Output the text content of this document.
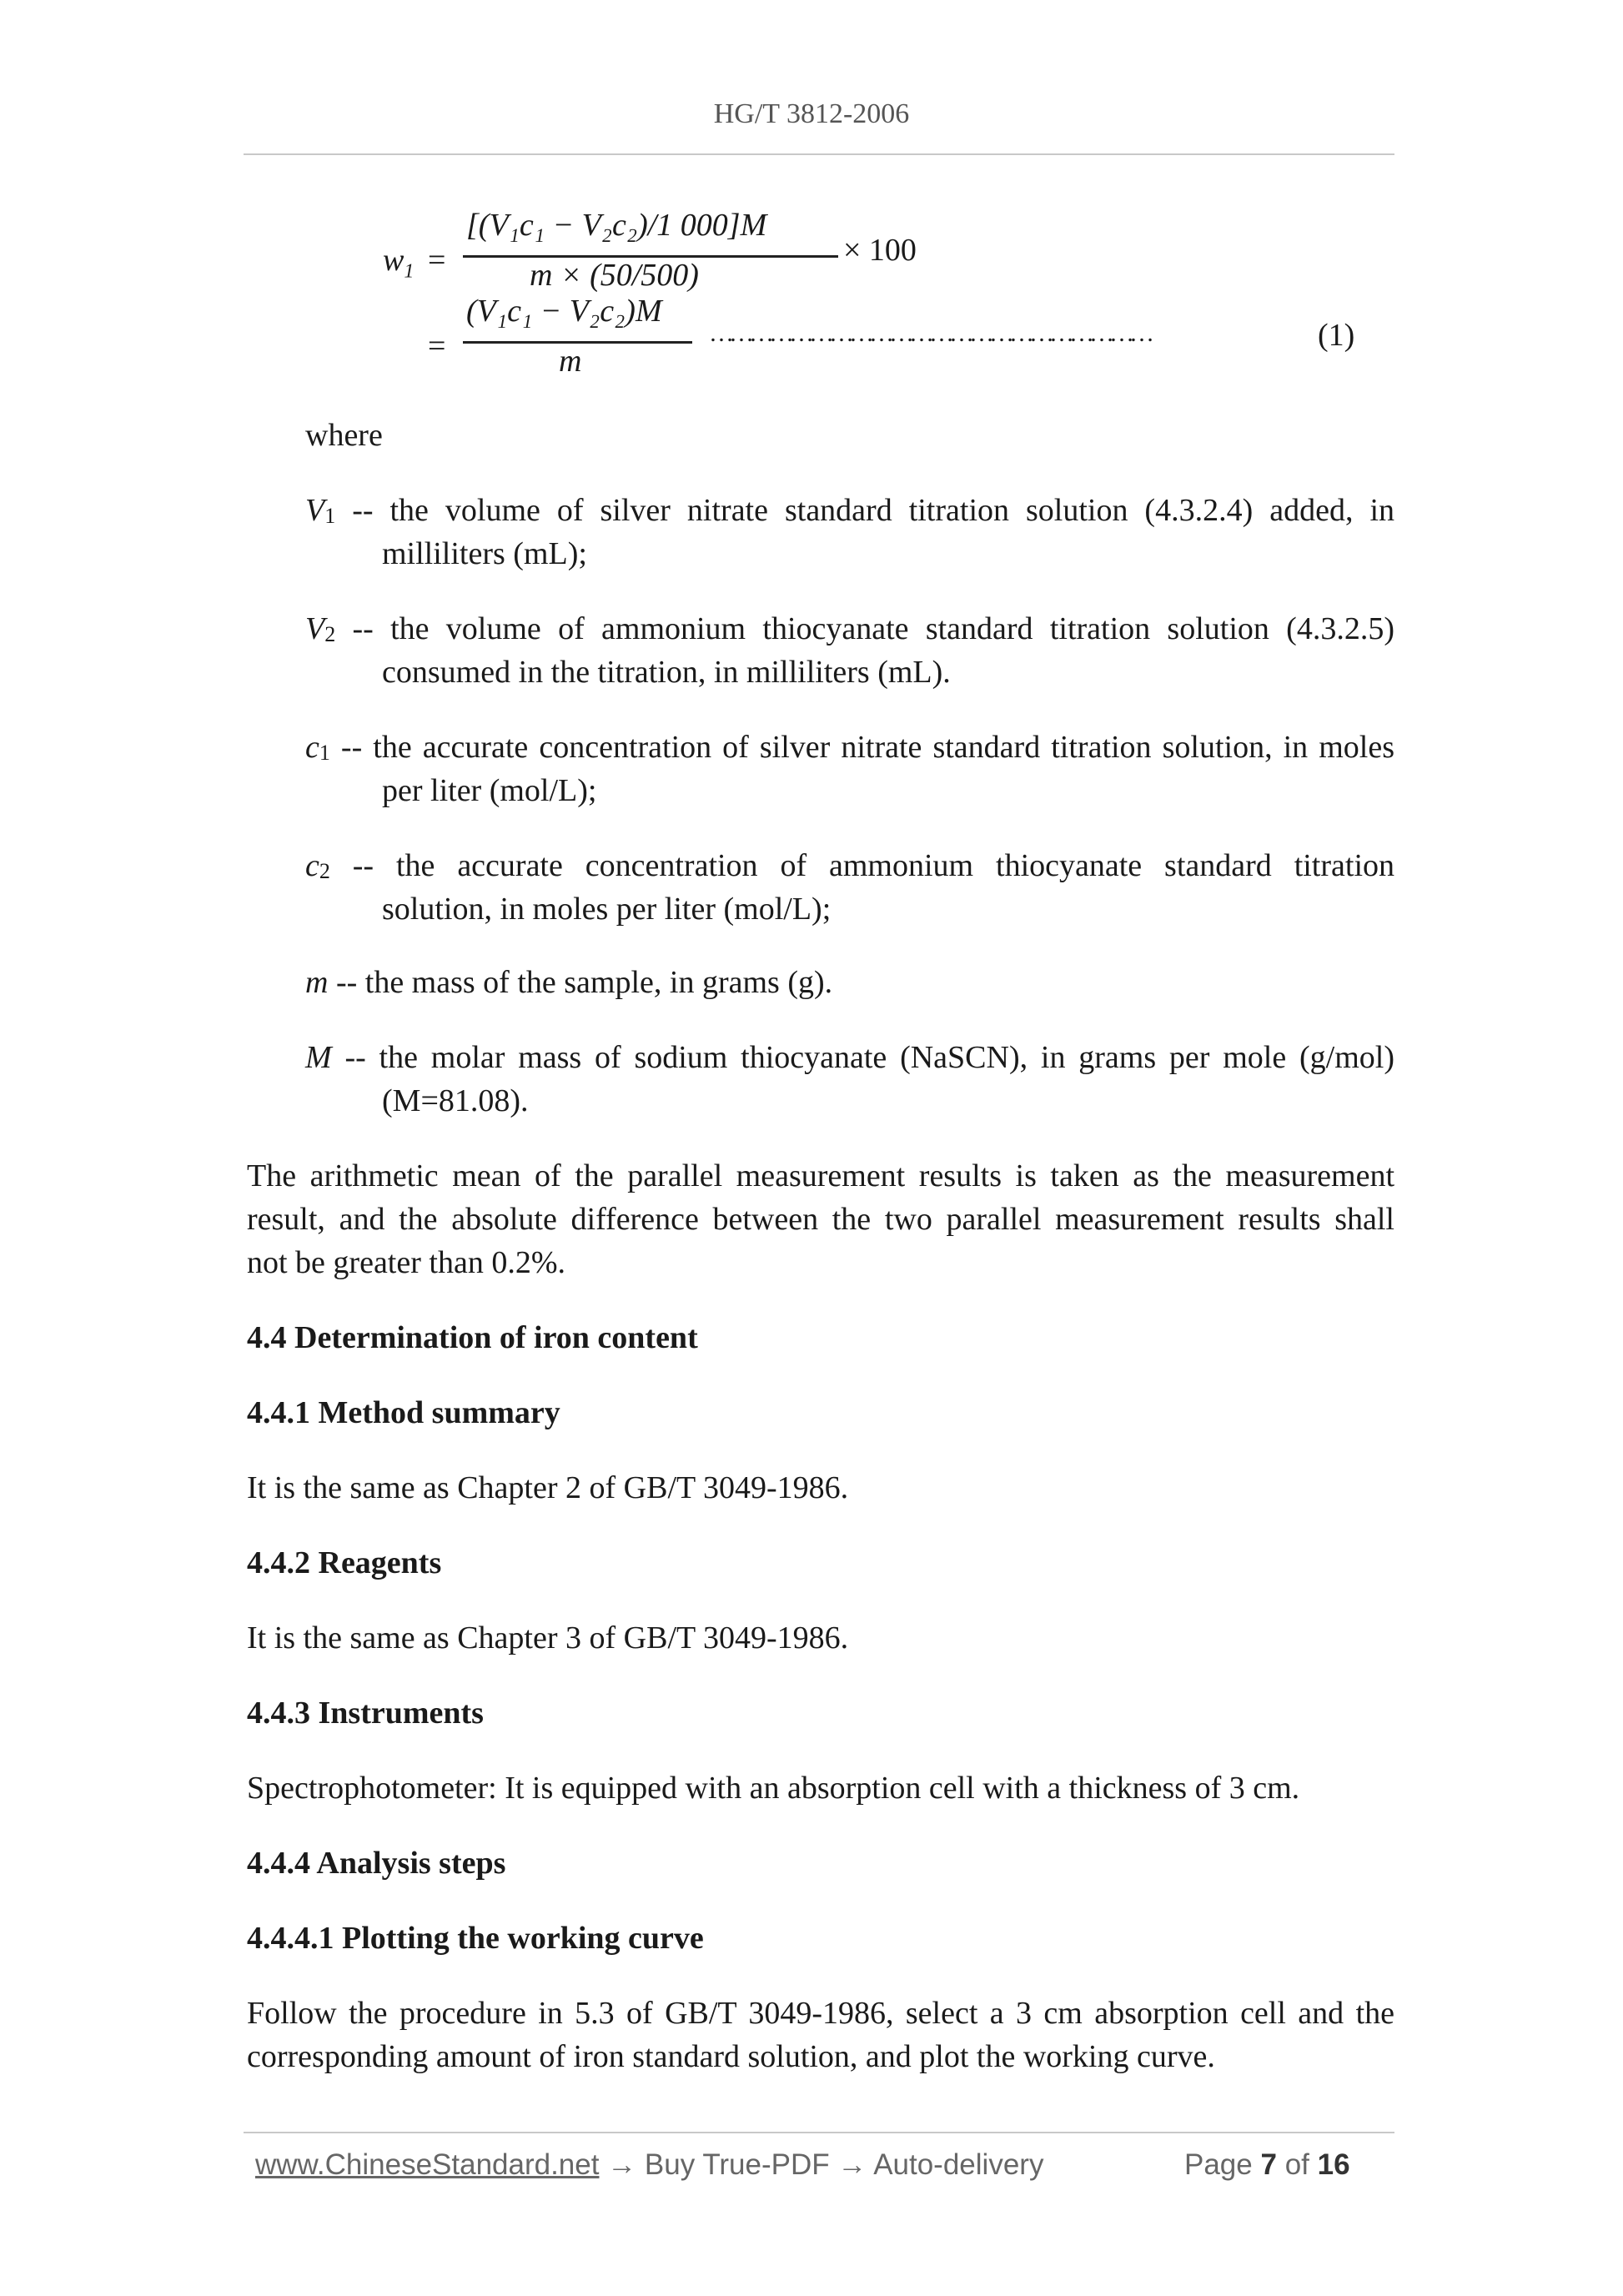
HG/T 3812-2006
$w_1$ =
[(V₁c₁ − V₂c₂)/1 000]M
m × (50/500)
× 100
=
(V₁c₁ − V₂c₂)M
m
…………………………………………………………	(1)
where
$V_1$ -- the volume of silver nitrate standard titration solution (4.3.2.4) added, in
milliliters (mL);
$V_2$ -- the volume of ammonium thiocyanate standard titration solution (4.3.2.5)
consumed in the titration, in milliliters (mL).
$c_1$ -- the accurate concentration of silver nitrate standard titration solution, in moles
per liter (mol/L);
$c_2$ -- the accurate concentration of ammonium thiocyanate standard titration
solution, in moles per liter (mol/L);
m -- the mass of the sample, in grams (g).
M -- the molar mass of sodium thiocyanate (NaSCN), in grams per mole (g/mol)
(M=81.08).
The arithmetic mean of the parallel measurement results is taken as the measurement
result, and the absolute difference between the two parallel measurement results shall
not be greater than 0.2%.
4.4 Determination of iron content
4.4.1 Method summary
It is the same as Chapter 2 of GB/T 3049-1986.
4.4.2 Reagents
It is the same as Chapter 3 of GB/T 3049-1986.
4.4.3 Instruments
Spectrophotometer: It is equipped with an absorption cell with a thickness of 3 cm.
4.4.4 Analysis steps
4.4.4.1 Plotting the working curve
Follow the procedure in 5.3 of GB/T 3049-1986, select a 3 cm absorption cell and the
corresponding amount of iron standard solution, and plot the working curve.
www.ChineseStandard.net → Buy True-PDF → Auto-delivery	Page 7 of 16
